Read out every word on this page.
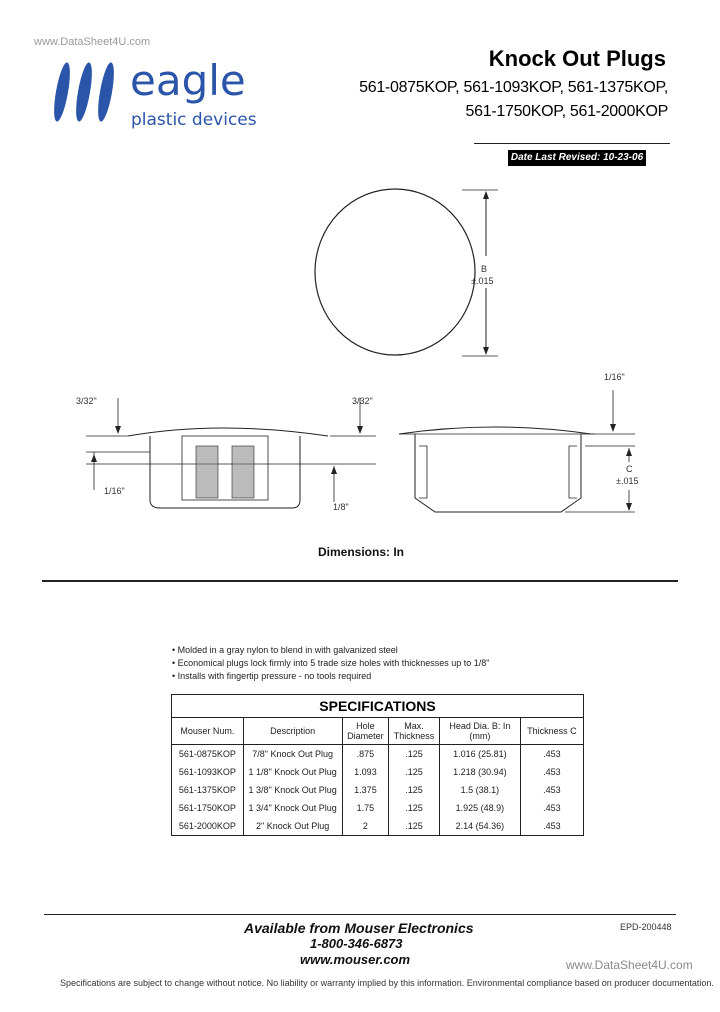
www.DataSheet4U.com
eagle
plastic devices
Knock Out Plugs
561-0875KOP, 561-1093KOP, 561-1375KOP,
561-1750KOP, 561-2000KOP
Date Last Revised: 10-23-06
B
±.015
3/32"	3/32"
1/16"
1/8"
1/16"
C
±.015
Dimensions: In
• Molded in a gray nylon to blend in with galvanized steel
• Economical plugs lock firmly into 5 trade size holes with thicknesses up to 1/8"
• Installs with fingertip pressure - no tools required
SPECIFICATIONS					
Mouser Num.	Description	Hole Diameter	Max. Thickness	Head Dia. B: In (mm)	Thickness C
561-0875KOP	7/8" Knock Out Plug	.875	.125	1.016 (25.81)	.453
561-1093KOP	1 1/8" Knock Out Plug	1.093	.125	1.218 (30.94)	.453
561-1375KOP	1 3/8" Knock Out Plug	1.375	.125	1.5 (38.1)	.453
561-1750KOP	1 3/4" Knock Out Plug	1.75	.125	1.925 (48.9)	.453
561-2000KOP	2" Knock Out Plug	2	.125	2.14 (54.36)	.453
Available from Mouser Electronics
1-800-346-6873
www.mouser.com
EPD-200448
www.DataSheet4U.com
Specifications are subject to change without notice. No liability or warranty implied by this information. Environmental compliance based on producer documentation.
